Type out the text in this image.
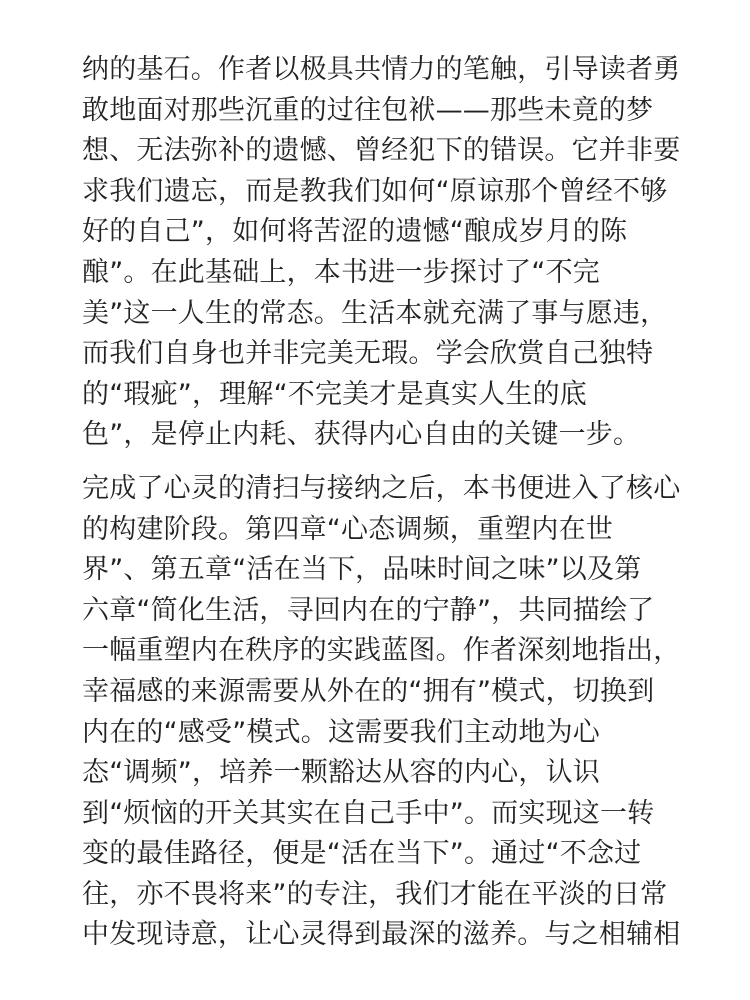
纳的基石。作者以极具共情力的笔触，引导读者勇
敢地面对那些沉重的过往包袱——那些未竟的梦
想、无法弥补的遗憾、曾经犯下的错误。它并非要
求我们遗忘，而是教我们如何“原谅那个曾经不够
好的自己”，如何将苦涩的遗憾“酿成岁月的陈
酿”。在此基础上，本书进一步探讨了“不完
美”这一人生的常态。生活本就充满了事与愿违，
而我们自身也并非完美无瑕。学会欣赏自己独特
的“瑕疵”，理解“不完美才是真实人生的底
色”，是停止内耗、获得内心自由的关键一步。
完成了心灵的清扫与接纳之后，本书便进入了核心
的构建阶段。第四章“心态调频，重塑内在世
界”、第五章“活在当下，品味时间之味”以及第
六章“简化生活，寻回内在的宁静”，共同描绘了
一幅重塑内在秩序的实践蓝图。作者深刻地指出，
幸福感的来源需要从外在的“拥有”模式，切换到
内在的“感受”模式。这需要我们主动地为心
态“调频”，培养一颗豁达从容的内心，认识
到“烦恼的开关其实在自己手中”。而实现这一转
变的最佳路径，便是“活在当下”。通过“不念过
往，亦不畏将来”的专注，我们才能在平淡的日常
中发现诗意，让心灵得到最深的滋养。与之相辅相
